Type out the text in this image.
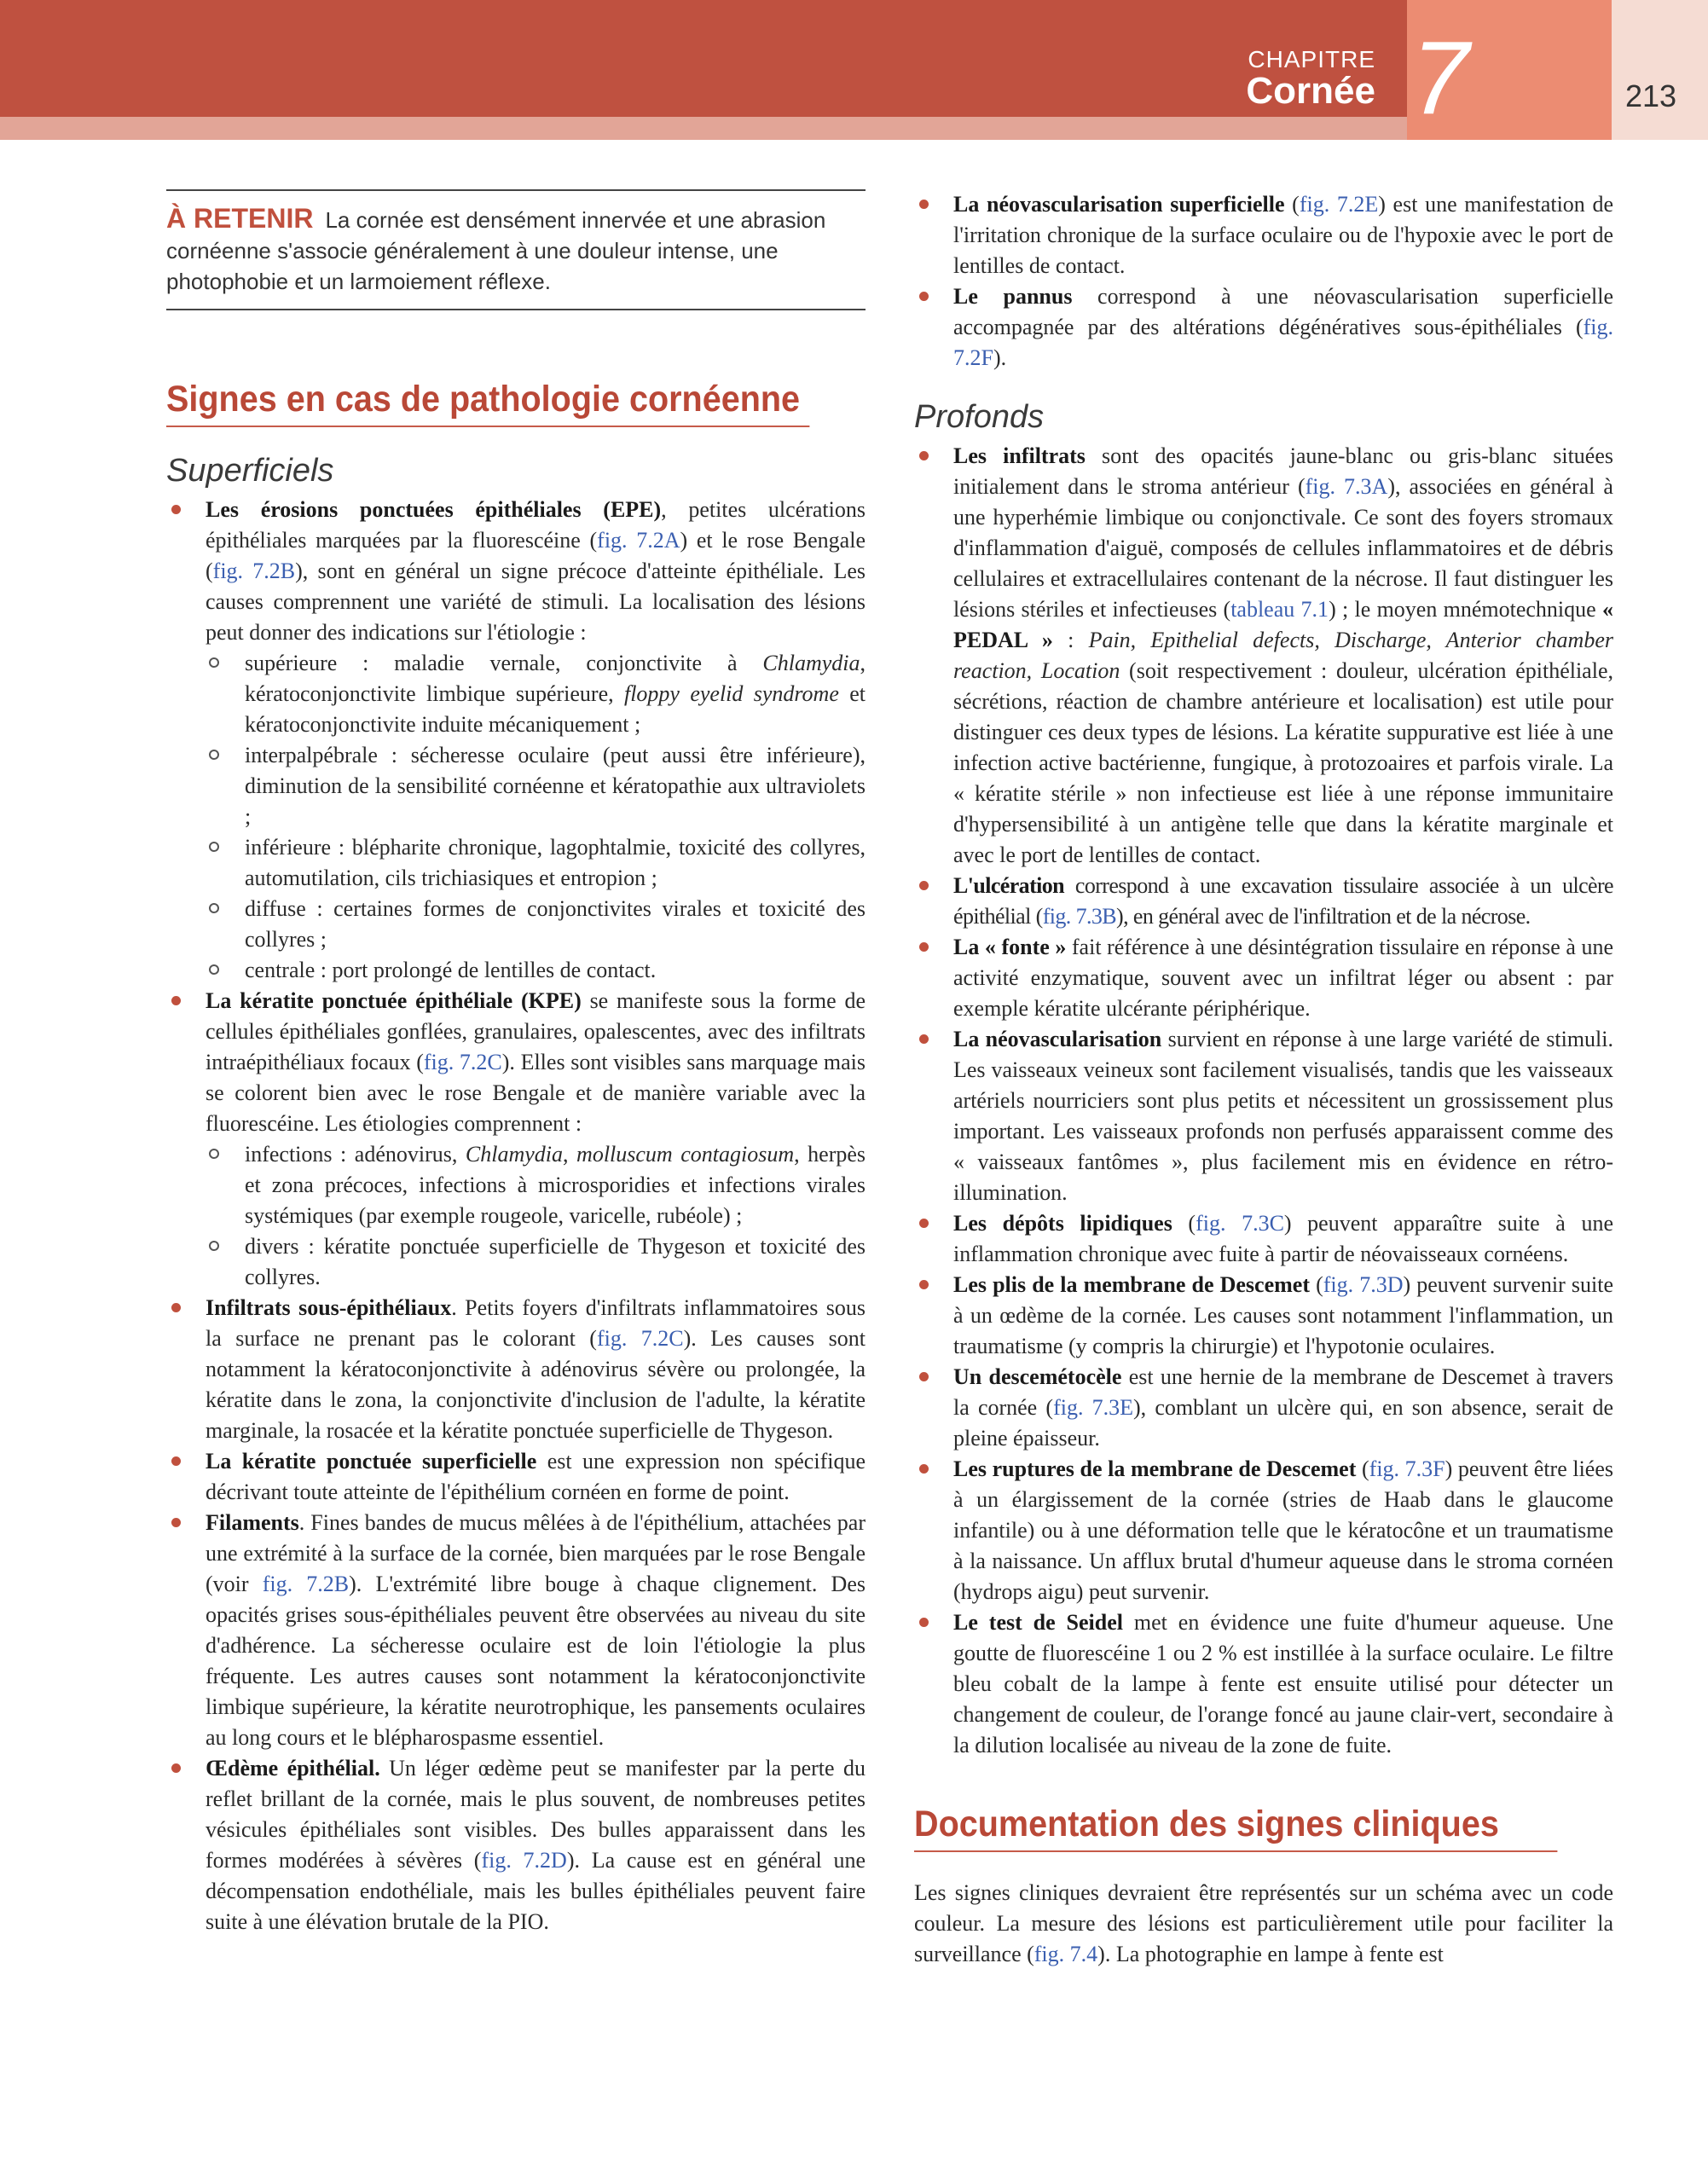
CHAPITRE
Cornée 7	213
À RETENIR La cornée est densément innervée et une abrasion cornéenne s'associe généralement à une douleur intense, une photophobie et un larmoiement réflexe.
Signes en cas de pathologie cornéenne
Superficiels
Les érosions ponctuées épithéliales (EPE), petites ulcérations épithéliales marquées par la fluorescéine (fig. 7.2A) et le rose Bengale (fig. 7.2B), sont en général un signe précoce d'atteinte épithéliale. Les causes comprennent une variété de stimuli. La localisation des lésions peut donner des indications sur l'étiologie :
supérieure : maladie vernale, conjonctivite à Chlamydia, kératoconjonctivite limbique supérieure, floppy eyelid syndrome et kératoconjonctivite induite mécaniquement ;
interpalpébrale : sécheresse oculaire (peut aussi être inférieure), diminution de la sensibilité cornéenne et kératopathie aux ultraviolets ;
inférieure : blépharite chronique, lagophtalmie, toxicité des collyres, automutilation, cils trichiasiques et entropion ;
diffuse : certaines formes de conjonctivites virales et toxicité des collyres ;
centrale : port prolongé de lentilles de contact.
La kératite ponctuée épithéliale (KPE) se manifeste sous la forme de cellules épithéliales gonflées, granulaires, opalescentes, avec des infiltrats intraépithéliaux focaux (fig. 7.2C). Elles sont visibles sans marquage mais se colorent bien avec le rose Bengale et de manière variable avec la fluorescéine. Les étiologies comprennent :
infections : adénovirus, Chlamydia, molluscum contagiosum, herpès et zona précoces, infections à microsporidies et infections virales systémiques (par exemple rougeole, varicelle, rubéole) ;
divers : kératite ponctuée superficielle de Thygeson et toxicité des collyres.
Infiltrats sous-épithéliaux. Petits foyers d'infiltrats inflammatoires sous la surface ne prenant pas le colorant (fig. 7.2C). Les causes sont notamment la kératoconjonctivite à adénovirus sévère ou prolongée, la kératite dans le zona, la conjonctivite d'inclusion de l'adulte, la kératite marginale, la rosacée et la kératite ponctuée superficielle de Thygeson.
La kératite ponctuée superficielle est une expression non spécifique décrivant toute atteinte de l'épithélium cornéen en forme de point.
Filaments. Fines bandes de mucus mêlées à de l'épithélium, attachées par une extrémité à la surface de la cornée, bien marquées par le rose Bengale (voir fig. 7.2B). L'extrémité libre bouge à chaque clignement. Des opacités grises sous-épithéliales peuvent être observées au niveau du site d'adhérence. La sécheresse oculaire est de loin l'étiologie la plus fréquente. Les autres causes sont notamment la kératoconjonctivite limbique supérieure, la kératite neurotrophique, les pansements oculaires au long cours et le blépharospasme essentiel.
Œdème épithélial. Un léger œdème peut se manifester par la perte du reflet brillant de la cornée, mais le plus souvent, de nombreuses petites vésicules épithéliales sont visibles. Des bulles apparaissent dans les formes modérées à sévères (fig. 7.2D). La cause est en général une décompensation endothéliale, mais les bulles épithéliales peuvent faire suite à une élévation brutale de la PIO.
La néovascularisation superficielle (fig. 7.2E) est une manifestation de l'irritation chronique de la surface oculaire ou de l'hypoxie avec le port de lentilles de contact.
Le pannus correspond à une néovascularisation superficielle accompagnée par des altérations dégénératives sous-épithéliales (fig. 7.2F).
Profonds
Les infiltrats sont des opacités jaune-blanc ou gris-blanc situées initialement dans le stroma antérieur (fig. 7.3A), associées en général à une hyperhémie limbique ou conjonctivale. Ce sont des foyers stromaux d'inflammation d'aiguë, composés de cellules inflammatoires et de débris cellulaires et extracellulaires contenant de la nécrose. Il faut distinguer les lésions stériles et infectieuses (tableau 7.1) ; le moyen mnémotechnique « PEDAL » : Pain, Epithelial defects, Discharge, Anterior chamber reaction, Location (soit respectivement : douleur, ulcération épithéliale, sécrétions, réaction de chambre antérieure et localisation) est utile pour distinguer ces deux types de lésions. La kératite suppurative est liée à une infection active bactérienne, fungique, à protozoaires et parfois virale. La « kératite stérile » non infectieuse est liée à une réponse immunitaire d'hypersensibilité à un antigène telle que dans la kératite marginale et avec le port de lentilles de contact.
L'ulcération correspond à une excavation tissulaire associée à un ulcère épithélial (fig. 7.3B), en général avec de l'infiltration et de la nécrose.
La « fonte » fait référence à une désintégration tissulaire en réponse à une activité enzymatique, souvent avec un infiltrat léger ou absent : par exemple kératite ulcérante périphérique.
La néovascularisation survient en réponse à une large variété de stimuli. Les vaisseaux veineux sont facilement visualisés, tandis que les vaisseaux artériels nourriciers sont plus petits et nécessitent un grossissement plus important. Les vaisseaux profonds non perfusés apparaissent comme des « vaisseaux fantômes », plus facilement mis en évidence en rétro-illumination.
Les dépôts lipidiques (fig. 7.3C) peuvent apparaître suite à une inflammation chronique avec fuite à partir de néovaisseaux cornéens.
Les plis de la membrane de Descemet (fig. 7.3D) peuvent survenir suite à un œdème de la cornée. Les causes sont notamment l'inflammation, un traumatisme (y compris la chirurgie) et l'hypotonie oculaires.
Un descemétocèle est une hernie de la membrane de Descemet à travers la cornée (fig. 7.3E), comblant un ulcère qui, en son absence, serait de pleine épaisseur.
Les ruptures de la membrane de Descemet (fig. 7.3F) peuvent être liées à un élargissement de la cornée (stries de Haab dans le glaucome infantile) ou à une déformation telle que le kératocône et un traumatisme à la naissance. Un afflux brutal d'humeur aqueuse dans le stroma cornéen (hydrops aigu) peut survenir.
Le test de Seidel met en évidence une fuite d'humeur aqueuse. Une goutte de fluorescéine 1 ou 2 % est instillée à la surface oculaire. Le filtre bleu cobalt de la lampe à fente est ensuite utilisé pour détecter un changement de couleur, de l'orange foncé au jaune clair-vert, secondaire à la dilution localisée au niveau de la zone de fuite.
Documentation des signes cliniques

Les signes cliniques devraient être représentés sur un schéma avec un code couleur. La mesure des lésions est particulièrement utile pour faciliter la surveillance (fig. 7.4). La photographie en lampe à fente est
